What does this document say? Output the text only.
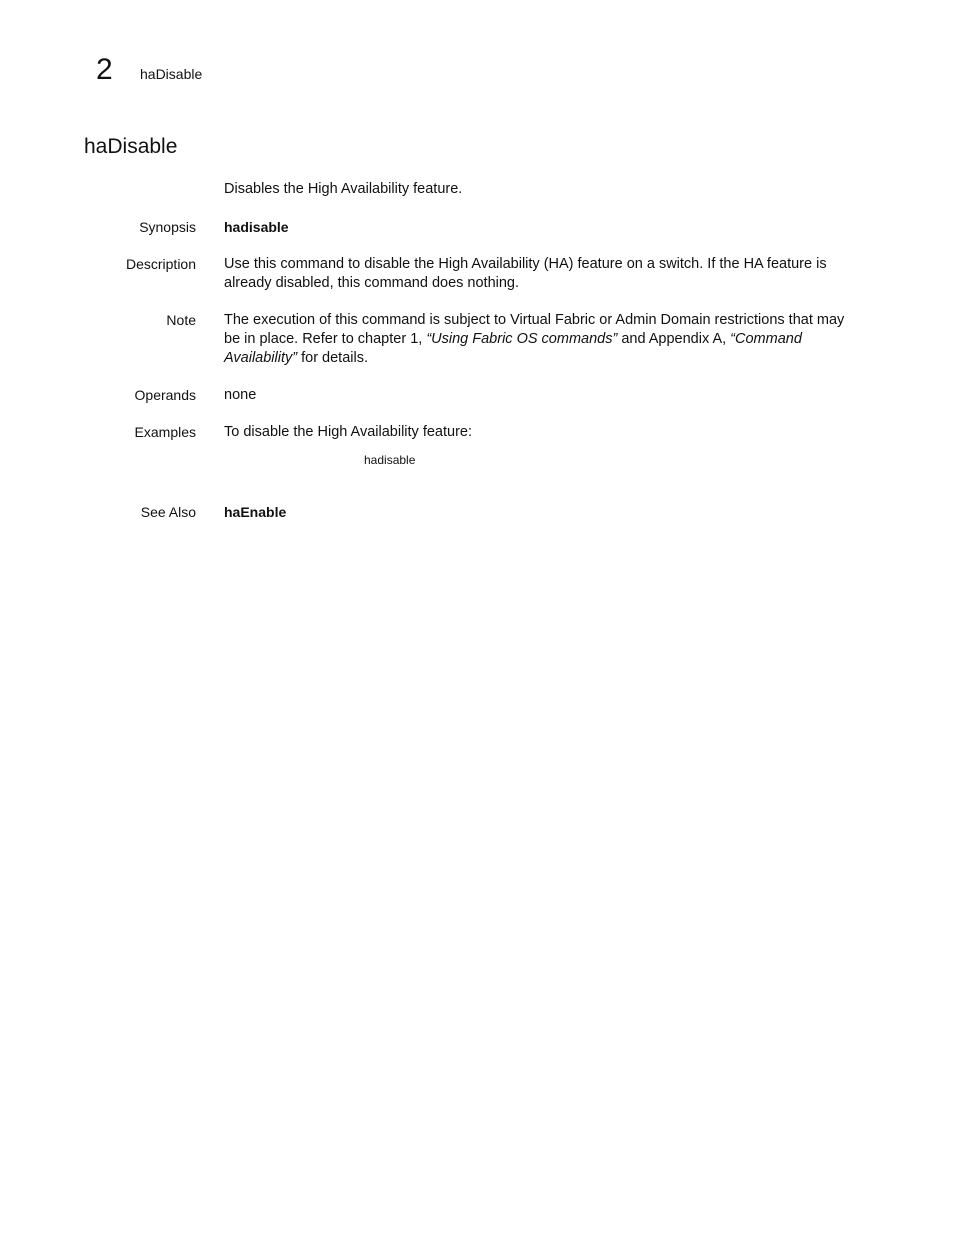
2 haDisable
haDisable
Disables the High Availability feature.
Synopsis hadisable
Description Use this command to disable the High Availability (HA) feature on a switch. If the HA feature is already disabled, this command does nothing.
Note The execution of this command is subject to Virtual Fabric or Admin Domain restrictions that may be in place. Refer to chapter 1, “Using Fabric OS commands” and Appendix A, “Command Availability” for details.
Operands none
Examples To disable the High Availability feature:
hadisable
See Also haEnable
